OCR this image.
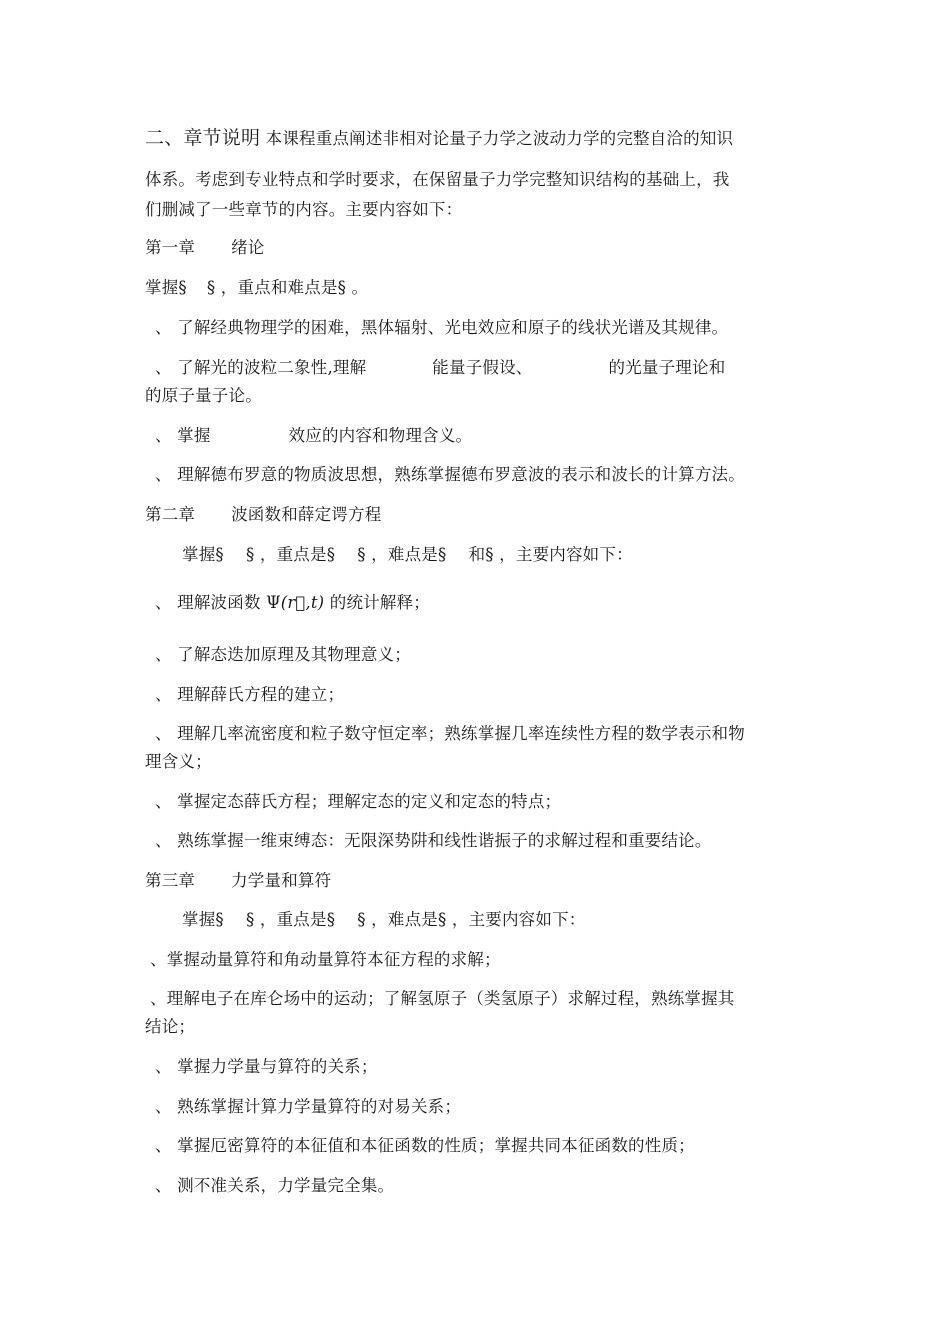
二、章节说明 本课程重点阐述非相对论量子力学之波动力学的完整自洽的知识
体系。考虑到专业特点和学时要求，在保留量子力学完整知识结构的基础上，我
们删减了一些章节的内容。主要内容如下：
第一章 绪论
掌握§ § ，重点和难点是§ 。
、 了解经典物理学的困难，黑体辐射、光电效应和原子的线状光谱及其规律。
、 了解光的波粒二象性,理解	能量子假设、	的光量子理论和
的原子量子论。
、 掌握	效应的内容和物理含义。
、 理解德布罗意的物质波思想，熟练掌握德布罗意波的表示和波长的计算方法。
第二章 波函数和薛定谔方程
掌握§ 　§ ，重点是§ 　§ ，难点是§ 　和§ ，主要内容如下：
、 理解波函数 Ψ(r⃗,t) 的统计解释；
、 了解态迭加原理及其物理意义；
、 理解薛氏方程的建立；
、 理解几率流密度和粒子数守恒定率；熟练掌握几率连续性方程的数学表示和物
理含义；
、 掌握定态薛氏方程；理解定态的定义和定态的特点；
、 熟练掌握一维束缚态：无限深势阱和线性谐振子的求解过程和重要结论。
第三章 力学量和算符
掌握§ 　§ ，重点是§ 　§ ，难点是§ ，主要内容如下：
、掌握动量算符和角动量算符本征方程的求解；
、理解电子在库仑场中的运动；了解氢原子（类氢原子）求解过程，熟练掌握其
结论；
、 掌握力学量与算符的关系；
、 熟练掌握计算力学量算符的对易关系；
、 掌握厄密算符的本征值和本征函数的性质；掌握共同本征函数的性质；
、 测不准关系，力学量完全集。
